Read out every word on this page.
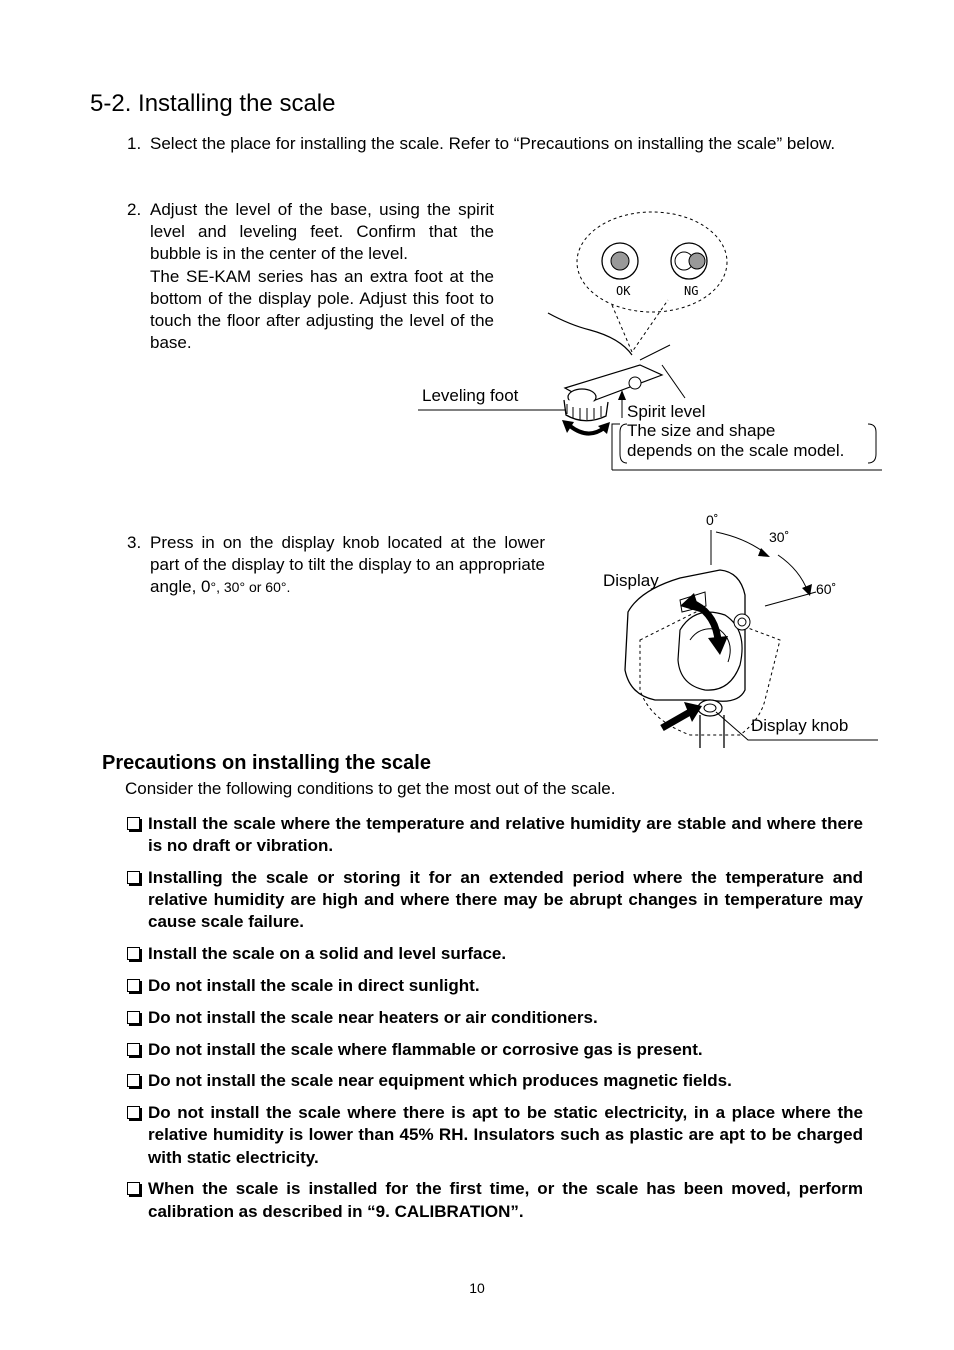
5-2. Installing the scale
1. Select the place for installing the scale. Refer to “Precautions on installing the scale” below.
2. Adjust the level of the base, using the spirit level and leveling feet. Confirm that the bubble is in the center of the level.
The SE-KAM series has an extra foot at the bottom of the display pole. Adjust this foot to touch the floor after adjusting the level of the base.
OK	NG
Leveling foot
Spirit level
The size and shape
depends on the scale model.
3. Press in on the display knob located at the lower part of the display to tilt the display to an appropriate angle, 0°, 30° or 60°.
0˚
30˚
60˚
Display
Display knob
Precautions on installing the scale
Consider the following conditions to get the most out of the scale.
Install the scale where the temperature and relative humidity are stable and where there is no draft or vibration.
Installing the scale or storing it for an extended period where the temperature and relative humidity are high and where there may be abrupt changes in temperature may cause scale failure.
Install the scale on a solid and level surface.
Do not install the scale in direct sunlight.
Do not install the scale near heaters or air conditioners.
Do not install the scale where flammable or corrosive gas is present.
Do not install the scale near equipment which produces magnetic fields.
Do not install the scale where there is apt to be static electricity, in a place where the relative humidity is lower than 45% RH. Insulators such as plastic are apt to be charged with static electricity.
When the scale is installed for the first time, or the scale has been moved, perform calibration as described in “9. CALIBRATION”.
10
